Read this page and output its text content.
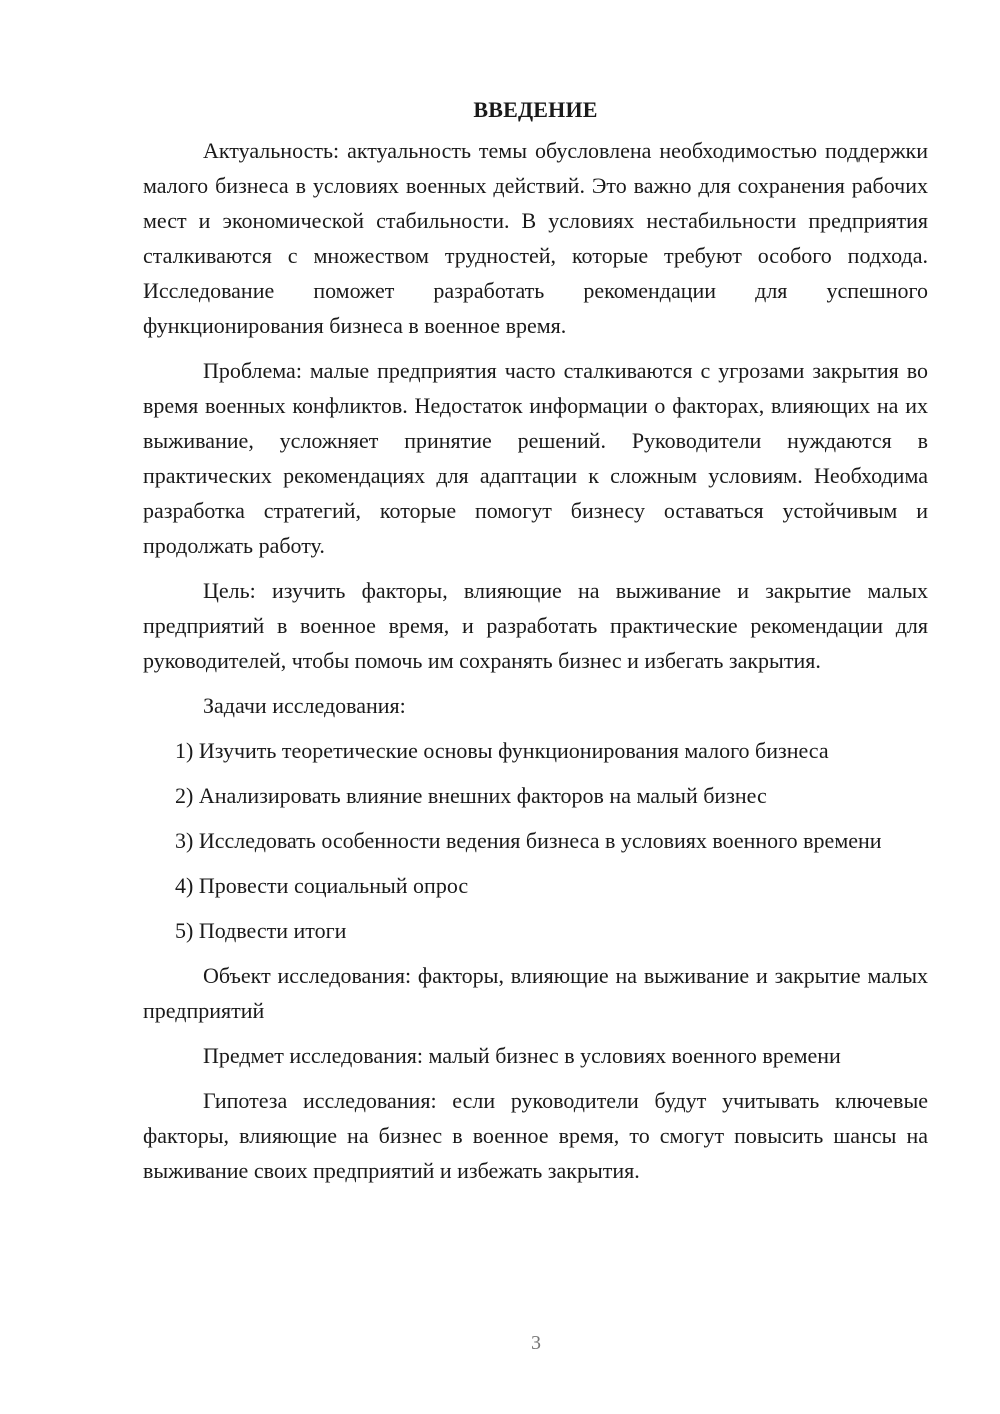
ВВЕДЕНИЕ

Актуальность: актуальность темы обусловлена необходимостью поддержки малого бизнеса в условиях военных действий. Это важно для сохранения рабочих мест и экономической стабильности. В условиях нестабильности предприятия сталкиваются с множеством трудностей, которые требуют особого подхода. Исследование поможет разработать рекомендации для успешного функционирования бизнеса в военное время.

Проблема: малые предприятия часто сталкиваются с угрозами закрытия во время военных конфликтов. Недостаток информации о факторах, влияющих на их выживание, усложняет принятие решений. Руководители нуждаются в практических рекомендациях для адаптации к сложным условиям. Необходима разработка стратегий, которые помогут бизнесу оставаться устойчивым и продолжать работу.

Цель: изучить факторы, влияющие на выживание и закрытие малых предприятий в военное время, и разработать практические рекомендации для руководителей, чтобы помочь им сохранять бизнес и избегать закрытия.

Задачи исследования:

1) Изучить теоретические основы функционирования малого бизнеса

2) Анализировать влияние внешних факторов на малый бизнес

3) Исследовать особенности ведения бизнеса в условиях военного времени

4) Провести социальный опрос

5) Подвести итоги

Объект исследования: факторы, влияющие на выживание и закрытие малых предприятий

Предмет исследования: малый бизнес в условиях военного времени

Гипотеза исследования: если руководители будут учитывать ключевые факторы, влияющие на бизнес в военное время, то смогут повысить шансы на выживание своих предприятий и избежать закрытия.

3
